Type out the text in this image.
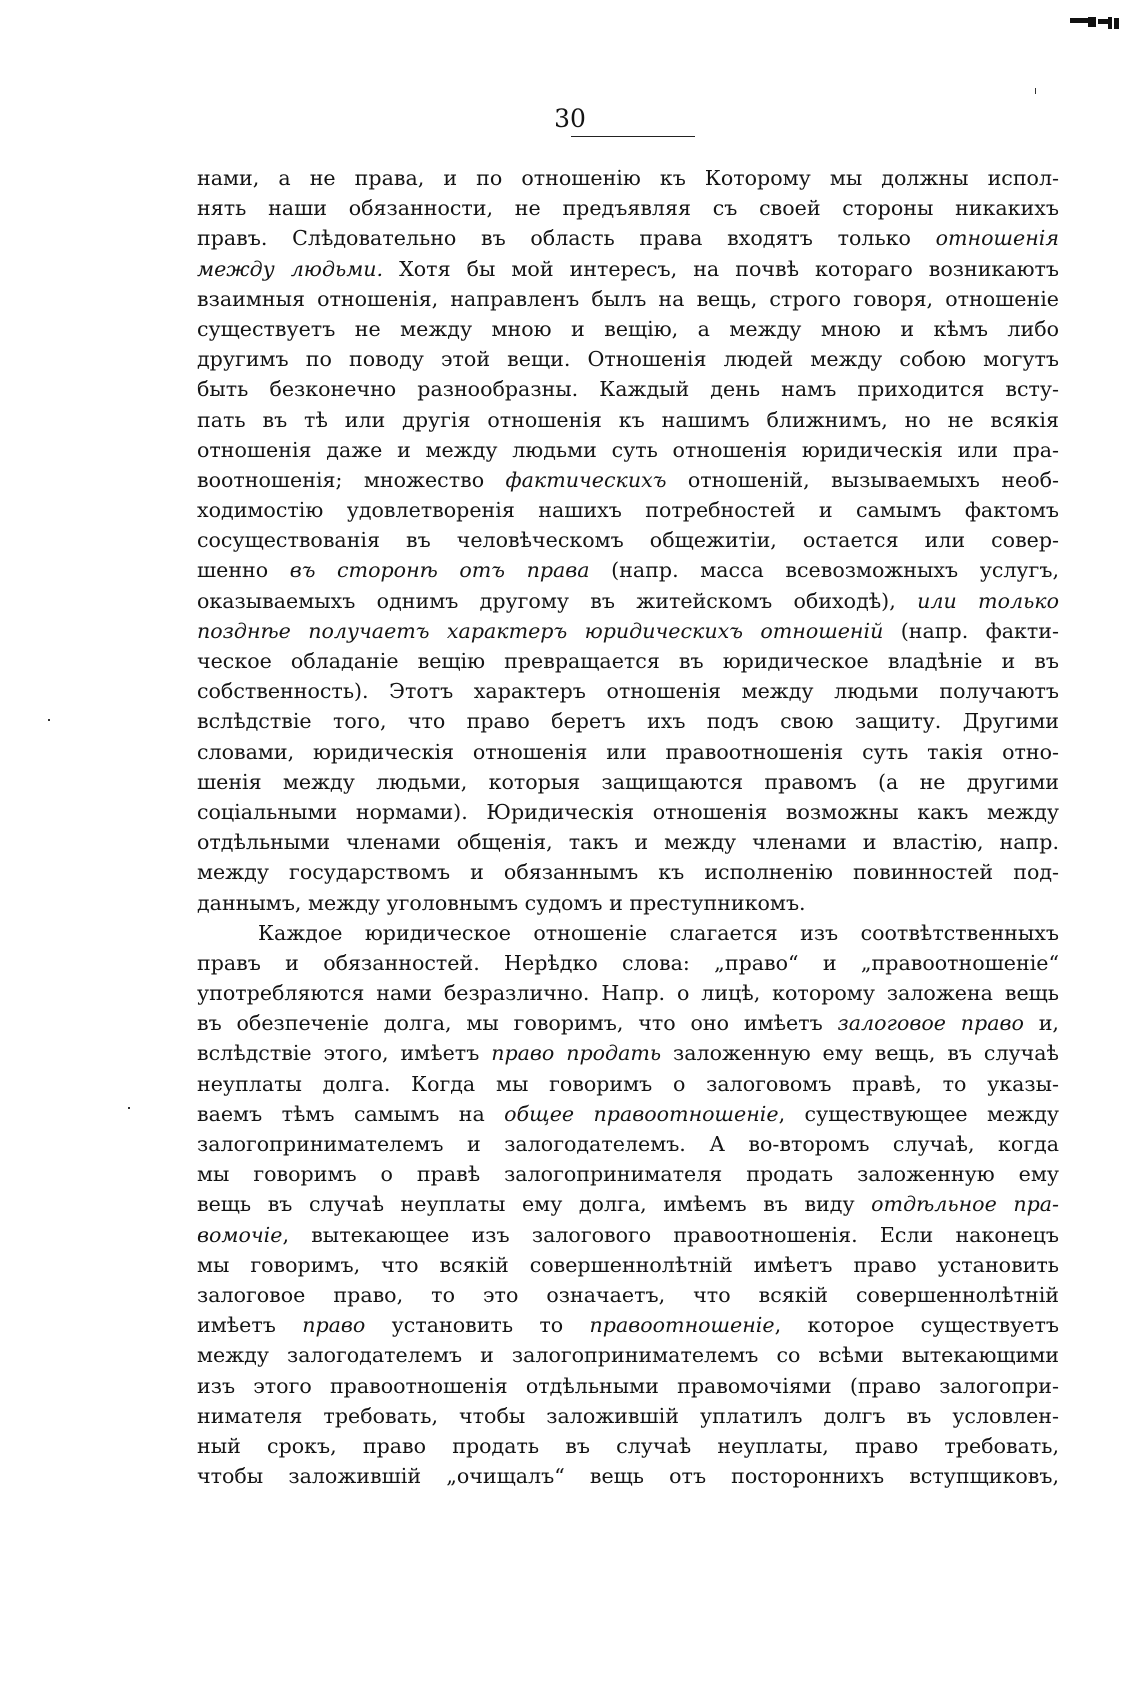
30
нами, а не права, и по отношенію къ Которому мы должны испол-
нять наши обязанности, не предъявляя съ своей стороны никакихъ
правъ. Слѣдовательно въ область права входятъ только отношенія
между людьми. Хотя бы мой интересъ, на почвѣ котораго возникаютъ
взаимныя отношенія, направленъ былъ на вещь, строго говоря, отношеніе
существуетъ не между мною и вещію, а между мною и кѣмъ либо
другимъ по поводу этой вещи. Отношенія людей между собою могутъ
быть безконечно разнообразны. Каждый день намъ приходится всту-
пать въ тѣ или другія отношенія къ нашимъ ближнимъ, но не всякія
отношенія даже и между людьми суть отношенія юридическія или пра-
воотношенія; множество фактическихъ отношеній, вызываемыхъ необ-
ходимостію удовлетворенія нашихъ потребностей и самымъ фактомъ
сосуществованія въ человѣческомъ общежитіи, остается или совер-
шенно въ сторонѣ отъ права (напр. масса всевозможныхъ услугъ,
оказываемыхъ однимъ другому въ житейскомъ обиходѣ), или только
позднѣе получаетъ характеръ юридическихъ отношеній (напр. факти-
ческое обладаніе вещію превращается въ юридическое владѣніе и въ
собственность). Этотъ характеръ отношенія между людьми получаютъ
вслѣдствіе того, что право беретъ ихъ подъ свою защиту. Другими
словами, юридическія отношенія или правоотношенія суть такія отно-
шенія между людьми, которыя защищаются правомъ (а не другими
соціальными нормами). Юридическія отношенія возможны какъ между
отдѣльными членами общенія, такъ и между членами и властію, напр.
между государствомъ и обязаннымъ къ исполненію повинностей под-
даннымъ, между уголовнымъ судомъ и преступникомъ.
Каждое юридическое отношеніе слагается изъ соотвѣтственныхъ
правъ и обязанностей. Нерѣдко слова: „право“ и „правоотношеніе“
употребляются нами безразлично. Напр. о лицѣ, которому заложена вещь
въ обезпеченіе долга, мы говоримъ, что оно имѣетъ залоговое право и,
вслѣдствіе этого, имѣетъ право продать заложенную ему вещь, въ случаѣ
неуплаты долга. Когда мы говоримъ о залоговомъ правѣ, то указы-
ваемъ тѣмъ самымъ на общее правоотношеніе, существующее между
залогопринимателемъ и залогодателемъ. А во-второмъ случаѣ, когда
мы говоримъ о правѣ залогопринимателя продать заложенную ему
вещь въ случаѣ неуплаты ему долга, имѣемъ въ виду отдѣльное пра-
вомочіе, вытекающее изъ залогового правоотношенія. Если наконецъ
мы говоримъ, что всякій совершеннолѣтній имѣетъ право установить
залоговое право, то это означаетъ, что всякій совершеннолѣтній
имѣетъ право установить то правоотношеніе, которое существуетъ
между залогодателемъ и залогопринимателемъ со всѣми вытекающими
изъ этого правоотношенія отдѣльными правомочіями (право залогопри-
нимателя требовать, чтобы заложившій уплатилъ долгъ въ условлен-
ный срокъ, право продать въ случаѣ неуплаты, право требовать,
чтобы заложившій „очищалъ“ вещь отъ постороннихъ вступщиковъ,
